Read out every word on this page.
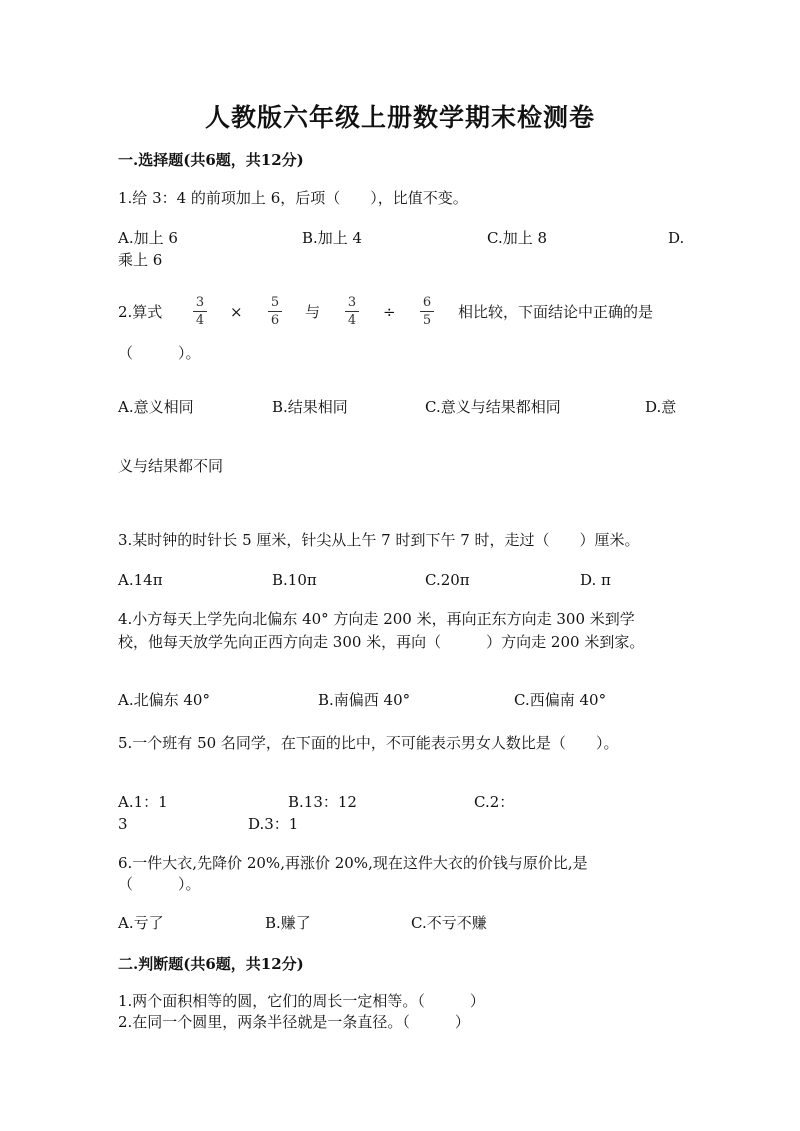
人教版六年级上册数学期末检测卷
一.选择题(共6题，共12分)
1.给 3：4 的前项加上 6，后项（　　），比值不变。
A.加上 6	B.加上 4	C.加上 8	D.
乘上 6
2.算式
3
4	×
5
6	与
3
4	÷
6
5	相比较，下面结论中正确的是
（　　　）。
A.意义相同	B.结果相同	C.意义与结果都相同	D.意
义与结果都不同
3.某时钟的时针长 5 厘米，针尖从上午 7 时到下午 7 时，走过（　　）厘米。
A.14π	B.10π	C.20π	D. π
4.小方每天上学先向北偏东 40° 方向走 200 米，再向正东方向走 300 米到学
校，他每天放学先向正西方向走 300 米，再向（　　　）方向走 200 米到家。
A.北偏东 40°	B.南偏西 40°	C.西偏南 40°
5.一个班有 50 名同学，在下面的比中，不可能表示男女人数比是（　　）。
A.1：1	B.13：12	C.2：
3	D.3：1
6.一件大衣,先降价 20%,再涨价 20%,现在这件大衣的价钱与原价比,是
（　　　）。
A.亏了	B.赚了	C.不亏不赚
二.判断题(共6题，共12分)
1.两个面积相等的圆，它们的周长一定相等。（　　　）
2.在同一个圆里，两条半径就是一条直径。（　　　）
